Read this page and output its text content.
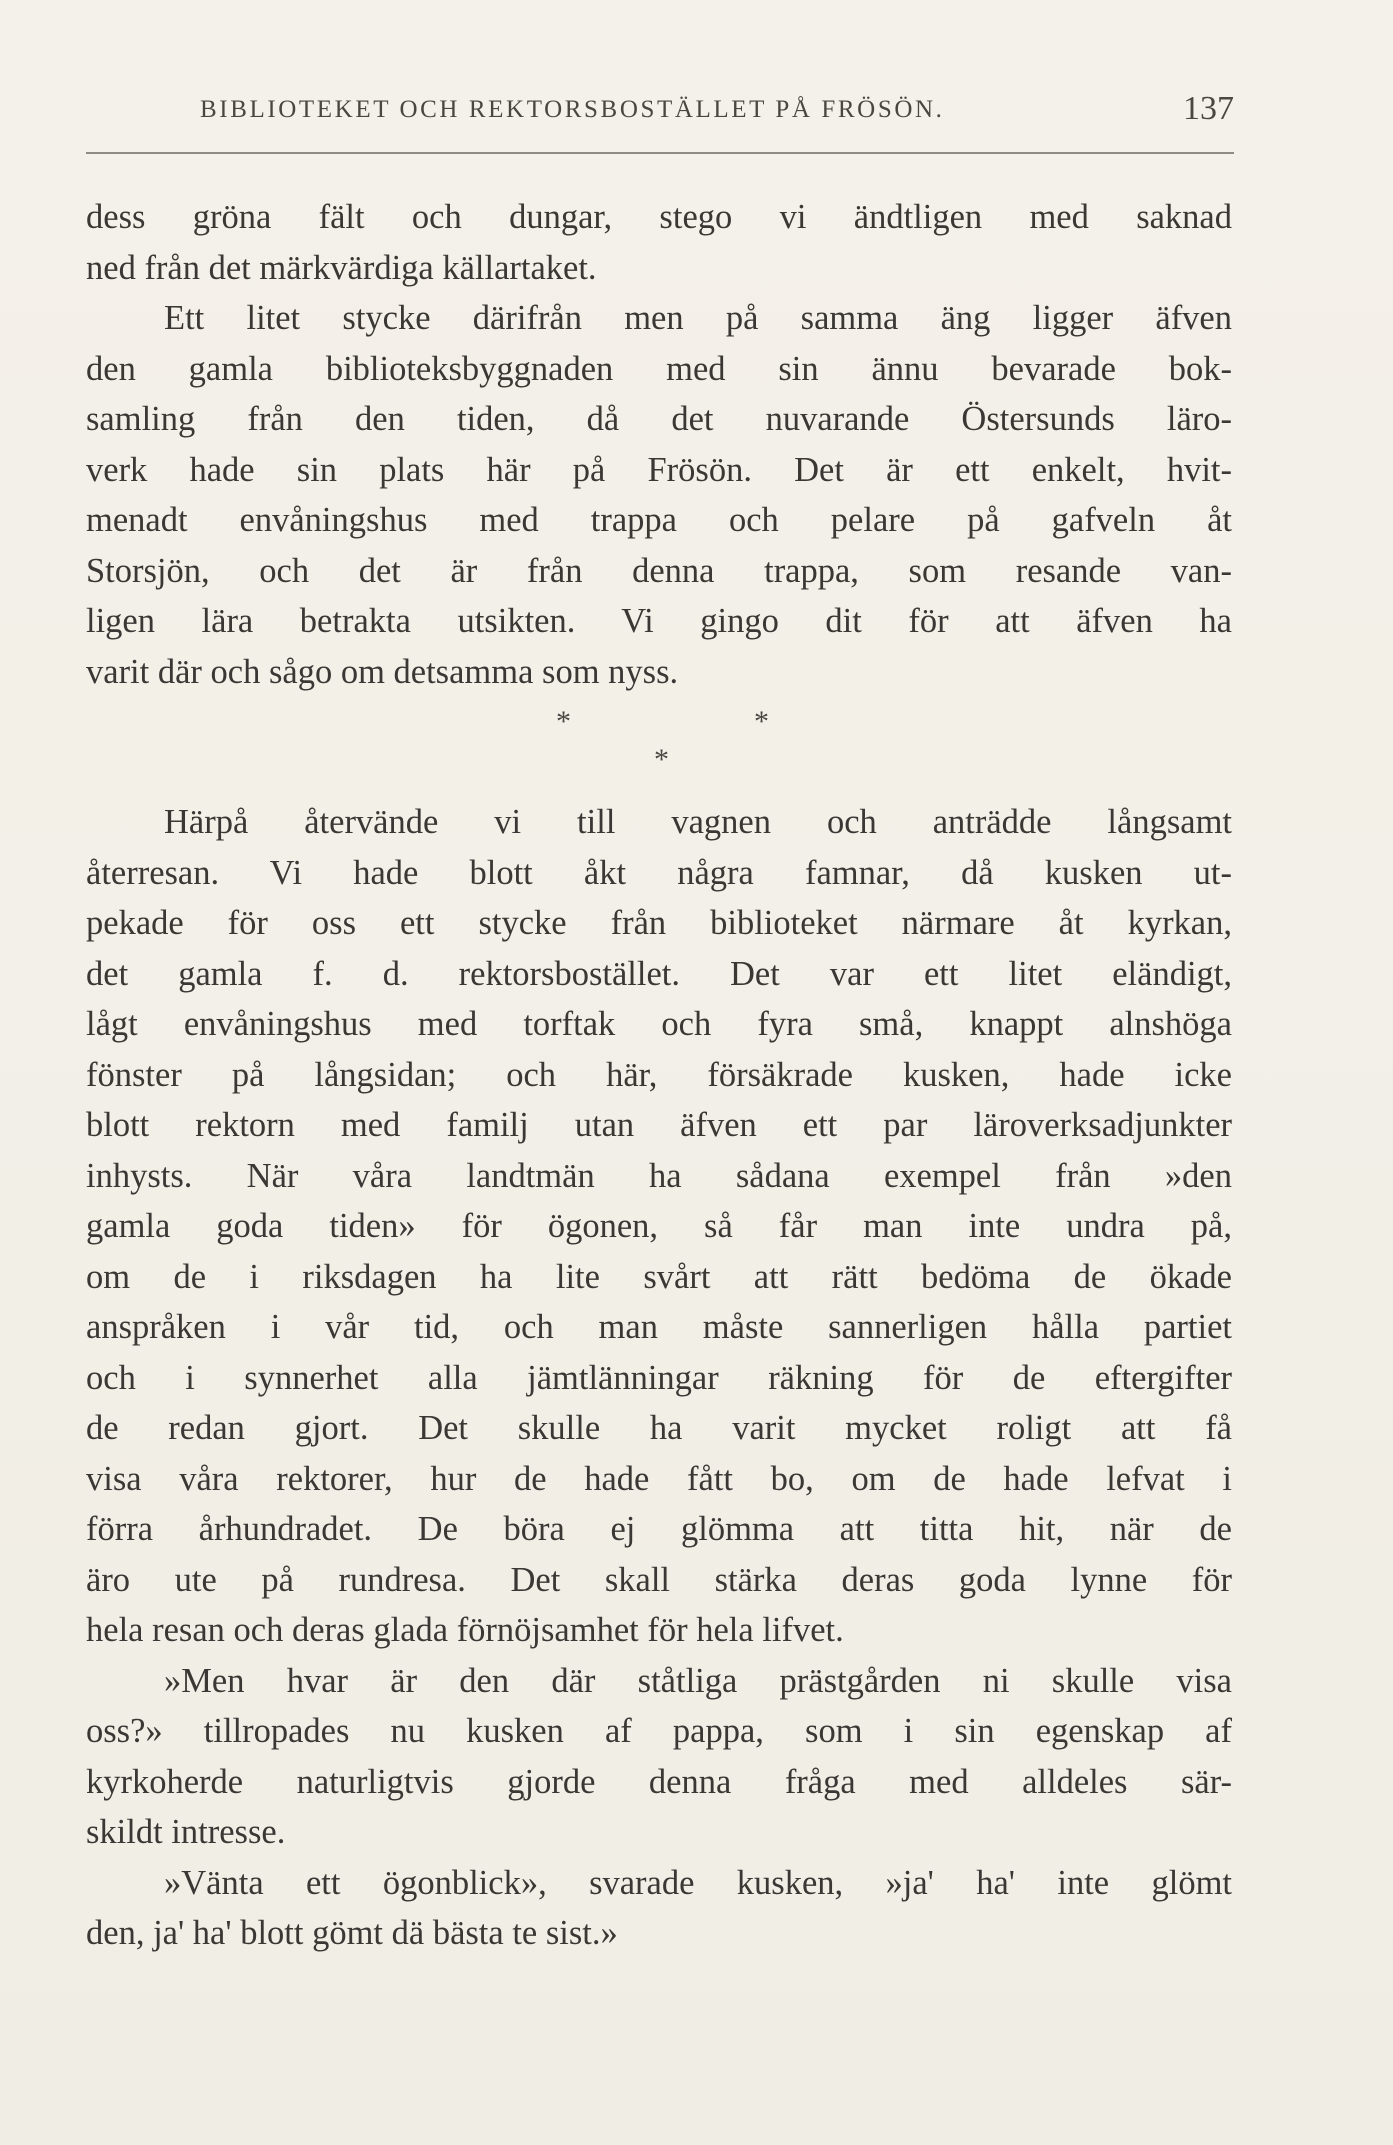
BIBLIOTEKET OCH REKTORSBOSTÄLLET PÅ FRÖSÖN.	137
dess gröna fält och dungar, stego vi ändtligen med saknad
ned från det märkvärdiga källartaket.
Ett litet stycke därifrån men på samma äng ligger äfven
den gamla biblioteksbyggnaden med sin ännu bevarade bok-
samling från den tiden, då det nuvarande Östersunds läro-
verk hade sin plats här på Frösön. Det är ett enkelt, hvit-
menadt envåningshus med trappa och pelare på gafveln åt
Storsjön, och det är från denna trappa, som resande van-
ligen lära betrakta utsikten. Vi gingo dit för att äfven ha
varit där och sågo om detsamma som nyss.
*	*
*
Härpå återvände vi till vagnen och anträdde långsamt
återresan. Vi hade blott åkt några famnar, då kusken ut-
pekade för oss ett stycke från biblioteket närmare åt kyrkan,
det gamla f. d. rektorsbostället. Det var ett litet eländigt,
lågt envåningshus med torftak och fyra små, knappt alnshöga
fönster på långsidan; och här, försäkrade kusken, hade icke
blott rektorn med familj utan äfven ett par läroverksadjunkter
inhysts. När våra landtmän ha sådana exempel från »den
gamla goda tiden» för ögonen, så får man inte undra på,
om de i riksdagen ha lite svårt att rätt bedöma de ökade
anspråken i vår tid, och man måste sannerligen hålla partiet
och i synnerhet alla jämtlänningar räkning för de eftergifter
de redan gjort. Det skulle ha varit mycket roligt att få
visa våra rektorer, hur de hade fått bo, om de hade lefvat i
förra århundradet. De böra ej glömma att titta hit, när de
äro ute på rundresa. Det skall stärka deras goda lynne för
hela resan och deras glada förnöjsamhet för hela lifvet.
»Men hvar är den där ståtliga prästgården ni skulle visa
oss?» tillropades nu kusken af pappa, som i sin egenskap af
kyrkoherde naturligtvis gjorde denna fråga med alldeles sär-
skildt intresse.
»Vänta ett ögonblick», svarade kusken, »ja' ha' inte glömt
den, ja' ha' blott gömt dä bästa te sist.»
